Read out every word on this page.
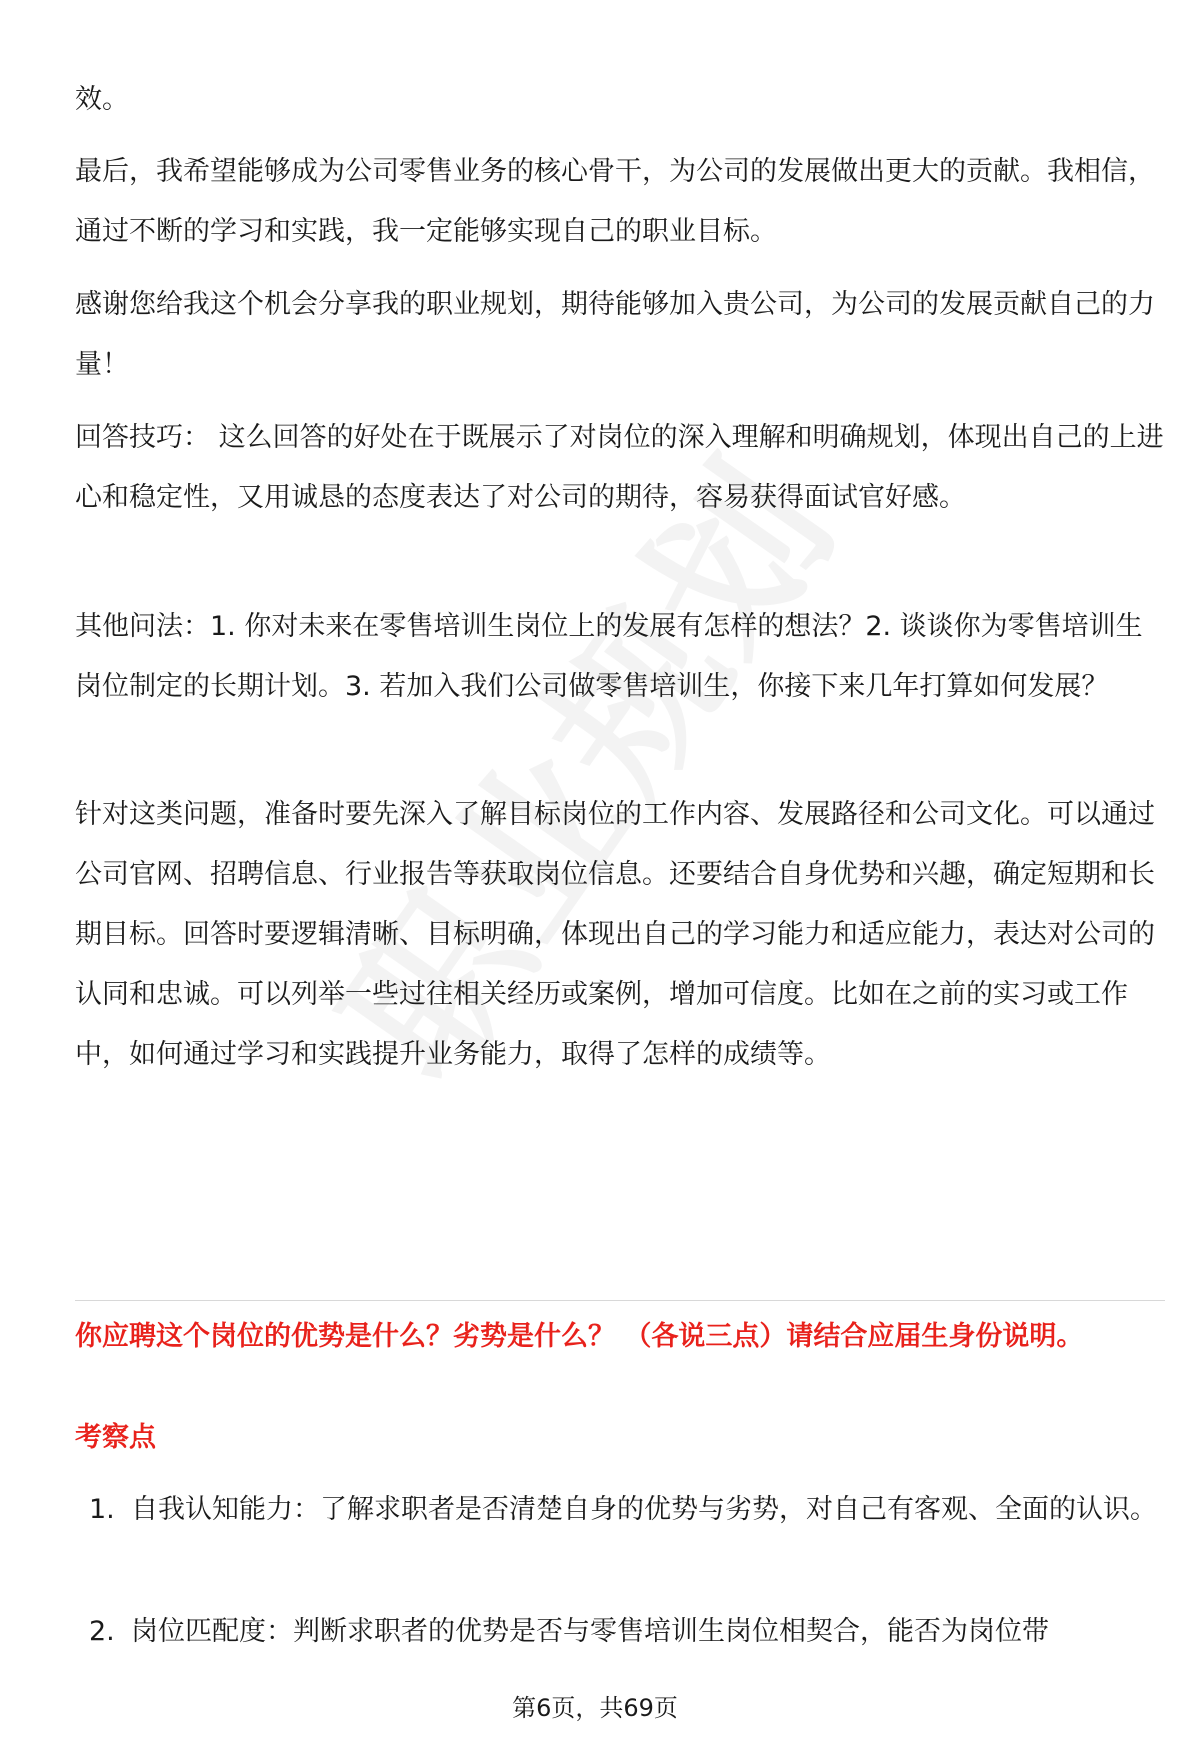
效。

最后，我希望能够成为公司零售业务的核心骨干，为公司的发展做出更大的贡献。我相信，通过不断的学习和实践，我一定能够实现自己的职业目标。

感谢您给我这个机会分享我的职业规划，期待能够加入贵公司，为公司的发展贡献自己的力量！

回答技巧： 这么回答的好处在于既展示了对岗位的深入理解和明确规划，体现出自己的上进心和稳定性，又用诚恳的态度表达了对公司的期待，容易获得面试官好感。

其他问法：1. 你对未来在零售培训生岗位上的发展有怎样的想法？2. 谈谈你为零售培训生岗位制定的长期计划。3. 若加入我们公司做零售培训生，你接下来几年打算如何发展？

针对这类问题，准备时要先深入了解目标岗位的工作内容、发展路径和公司文化。可以通过公司官网、招聘信息、行业报告等获取岗位信息。还要结合自身优势和兴趣，确定短期和长期目标。回答时要逻辑清晰、目标明确，体现出自己的学习能力和适应能力，表达对公司的认同和忠诚。可以列举一些过往相关经历或案例，增加可信度。比如在之前的实习或工作中，如何通过学习和实践提升业务能力，取得了怎样的成绩等。

你应聘这个岗位的优势是什么？劣势是什么？ （各说三点）请结合应届生身份说明。

考察点

1. 自我认知能力：了解求职者是否清楚自身的优势与劣势，对自己有客观、全面的认识。
2. 岗位匹配度：判断求职者的优势是否与零售培训生岗位相契合，能否为岗位带
第6页，共69页
